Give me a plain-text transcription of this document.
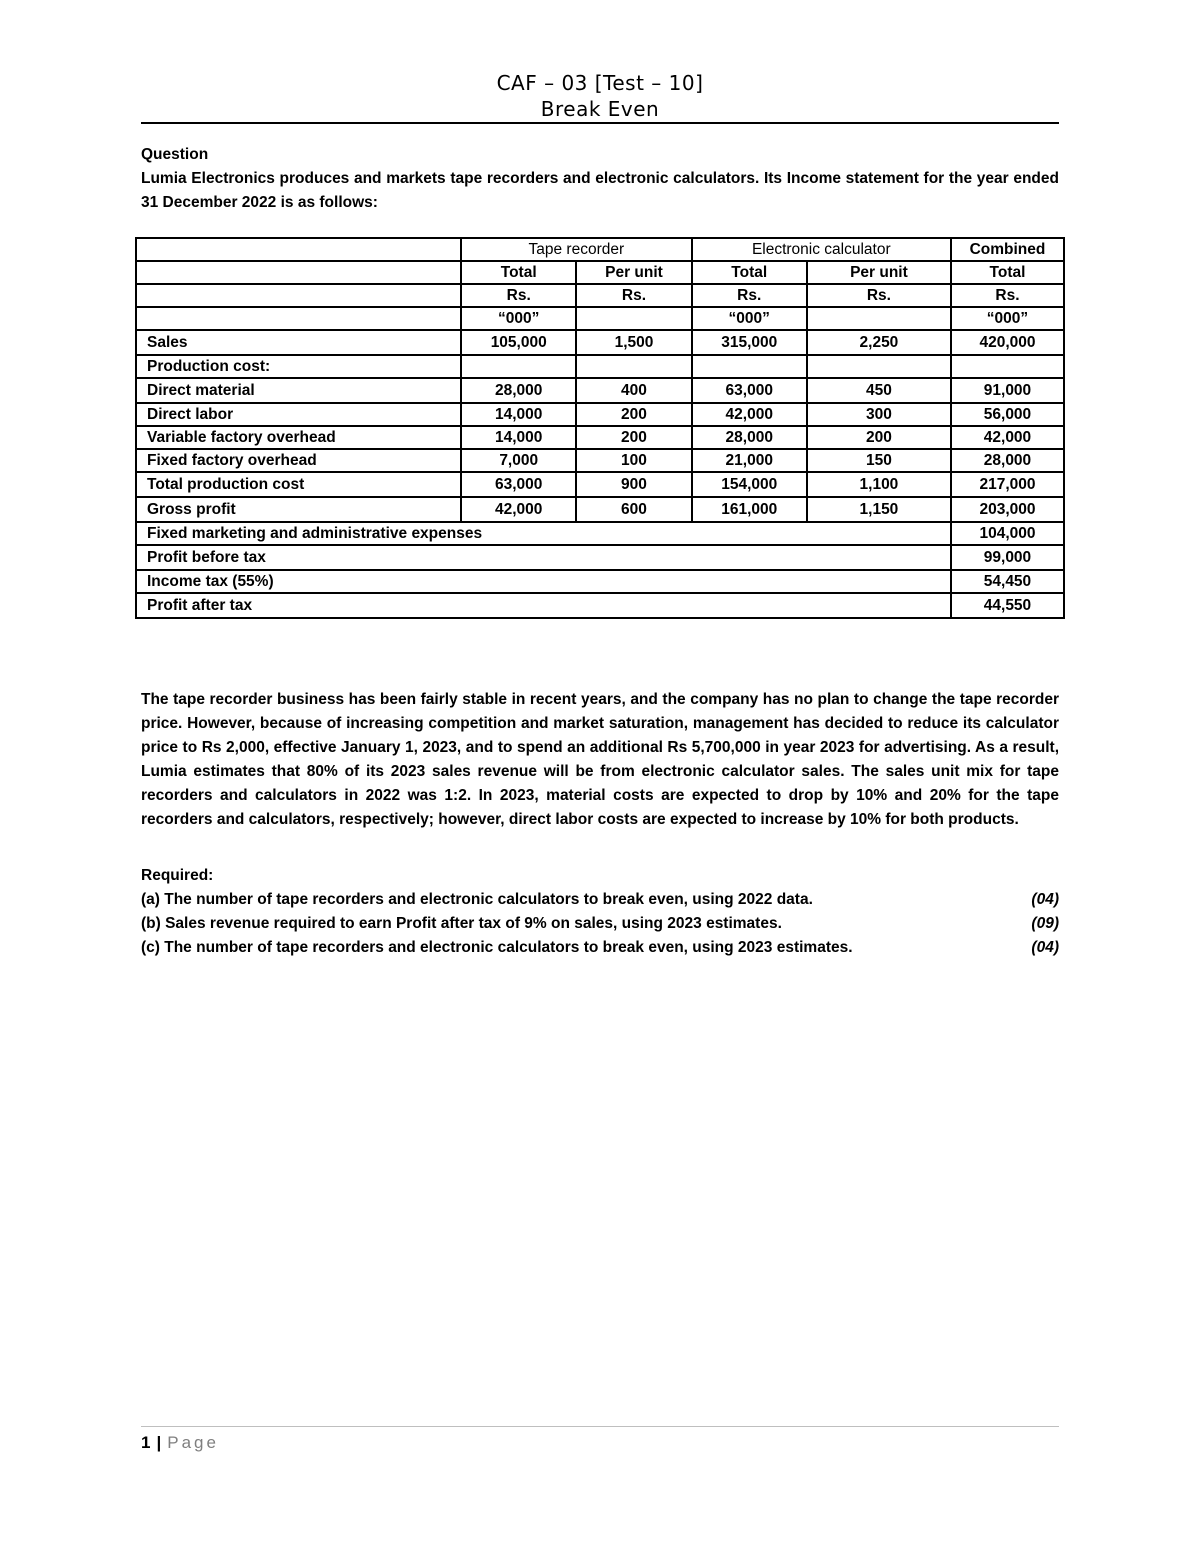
CAF – 03 [Test – 10]
Break Even
Question

Lumia Electronics produces and markets tape recorders and electronic calculators. Its Income statement for the year ended 31 December 2022 is as follows:

	Tape recorder		Electronic calculator		Combined
	Total	Per unit	Total	Per unit	Total
	Rs.	Rs.	Rs.	Rs.	Rs.
	“000”		“000”		“000”
Sales	105,000	1,500	315,000	2,250	420,000
Production cost:					
Direct material	28,000	400	63,000	450	91,000
Direct labor	14,000	200	42,000	300	56,000
Variable factory overhead	14,000	200	28,000	200	42,000
Fixed factory overhead	7,000	100	21,000	150	28,000
Total production cost	63,000	900	154,000	1,100	217,000
Gross profit	42,000	600	161,000	1,150	203,000
Fixed marketing and administrative expenses					104,000
Profit before tax					99,000
Income tax (55%)					54,450
Profit after tax					44,550

The tape recorder business has been fairly stable in recent years, and the company has no plan to change the tape recorder price. However, because of increasing competition and market saturation, management has decided to reduce its calculator price to Rs 2,000, effective January 1, 2023, and to spend an additional Rs 5,700,000 in year 2023 for advertising. As a result, Lumia estimates that 80% of its 2023 sales revenue will be from electronic calculator sales. The sales unit mix for tape recorders and calculators in 2022 was 1:2. In 2023, material costs are expected to drop by 10% and 20% for the tape recorders and calculators, respectively; however, direct labor costs are expected to increase by 10% for both products.

Required:
(a) The number of tape recorders and electronic calculators to break even, using 2022 data.	(04)
(b) Sales revenue required to earn Profit after tax of 9% on sales, using 2023 estimates.	(09)
(c) The number of tape recorders and electronic calculators to break even, using 2023 estimates.	(04)
1 | Page
